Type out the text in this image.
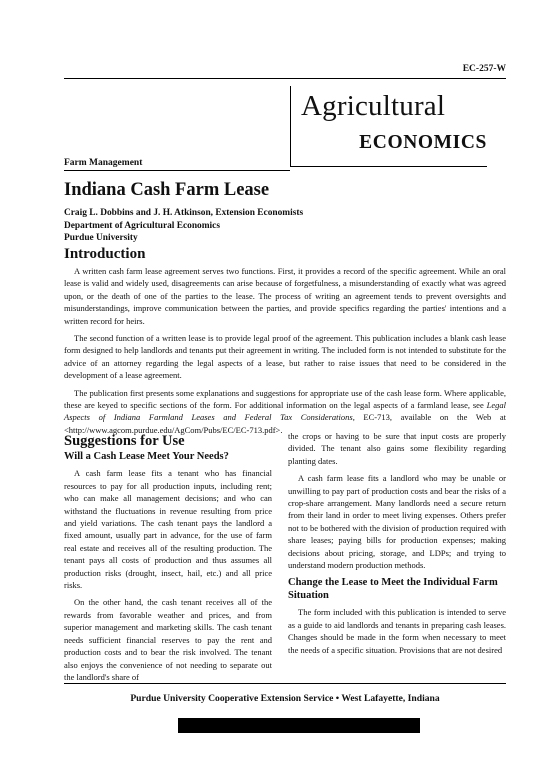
EC-257-W
Agricultural
ECONOMICS
Farm Management
Indiana Cash Farm Lease
Craig L. Dobbins and J. H. Atkinson, Extension Economists
Department of Agricultural Economics
Purdue University
Introduction

A written cash farm lease agreement serves two functions. First, it provides a record of the specific agreement. While an oral lease is valid and widely used, disagreements can arise because of forgetfulness, a misunderstanding of exactly what was agreed upon, or the death of one of the parties to the lease. The process of writing an agreement tends to prevent oversights and misunderstandings, improve communication between the parties, and provide specifics regarding the parties' intentions and a written record for heirs.

The second function of a written lease is to provide legal proof of the agreement. This publication includes a blank cash lease form designed to help landlords and tenants put their agreement in writing. The included form is not intended to substitute for the advice of an attorney regarding the legal aspects of a lease, but rather to raise issues that need to be considered in the development of a lease agreement.

The publication first presents some explanations and suggestions for appropriate use of the cash lease form. Where applicable, these are keyed to specific sections of the form. For additional information on the legal aspects of a farmland lease, see Legal Aspects of Indiana Farmland Leases and Federal Tax Considerations, EC-713, available on the Web at <http://www.agcom.purdue.edu/AgCom/Pubs/EC/EC-713.pdf>.

Suggestions for Use
Will a Cash Lease Meet Your Needs?

A cash farm lease fits a tenant who has financial resources to pay for all production inputs, including rent; who can make all management decisions; and who can withstand the fluctuations in revenue resulting from price and yield variations. The cash tenant pays the landlord a fixed amount, usually part in advance, for the use of farm real estate and receives all of the resulting production. The tenant pays all costs of production and thus assumes all production risks (drought, insect, hail, etc.) and all price risks.

On the other hand, the cash tenant receives all of the rewards from favorable weather and prices, and from superior management and marketing skills. The cash tenant needs sufficient financial reserves to pay the rent and production costs and to bear the risk involved. The tenant also enjoys the convenience of not needing to separate out the landlord's share of

the crops or having to be sure that input costs are properly divided. The tenant also gains some flexibility regarding planting dates.

A cash farm lease fits a landlord who may be unable or unwilling to pay part of production costs and bear the risks of a crop-share arrangement. Many landlords need a secure return from their land in order to meet living expenses. Others prefer not to be bothered with the division of production required with share leases; paying bills for production expenses; making decisions about pricing, storage, and LDPs; and trying to understand modern production methods.

Change the Lease to Meet the Individual Farm Situation

The form included with this publication is intended to serve as a guide to aid landlords and tenants in preparing cash leases. Changes should be made in the form when necessary to meet the needs of a specific situation. Provisions that are not desired

Purdue University Cooperative Extension Service • West Lafayette, Indiana
